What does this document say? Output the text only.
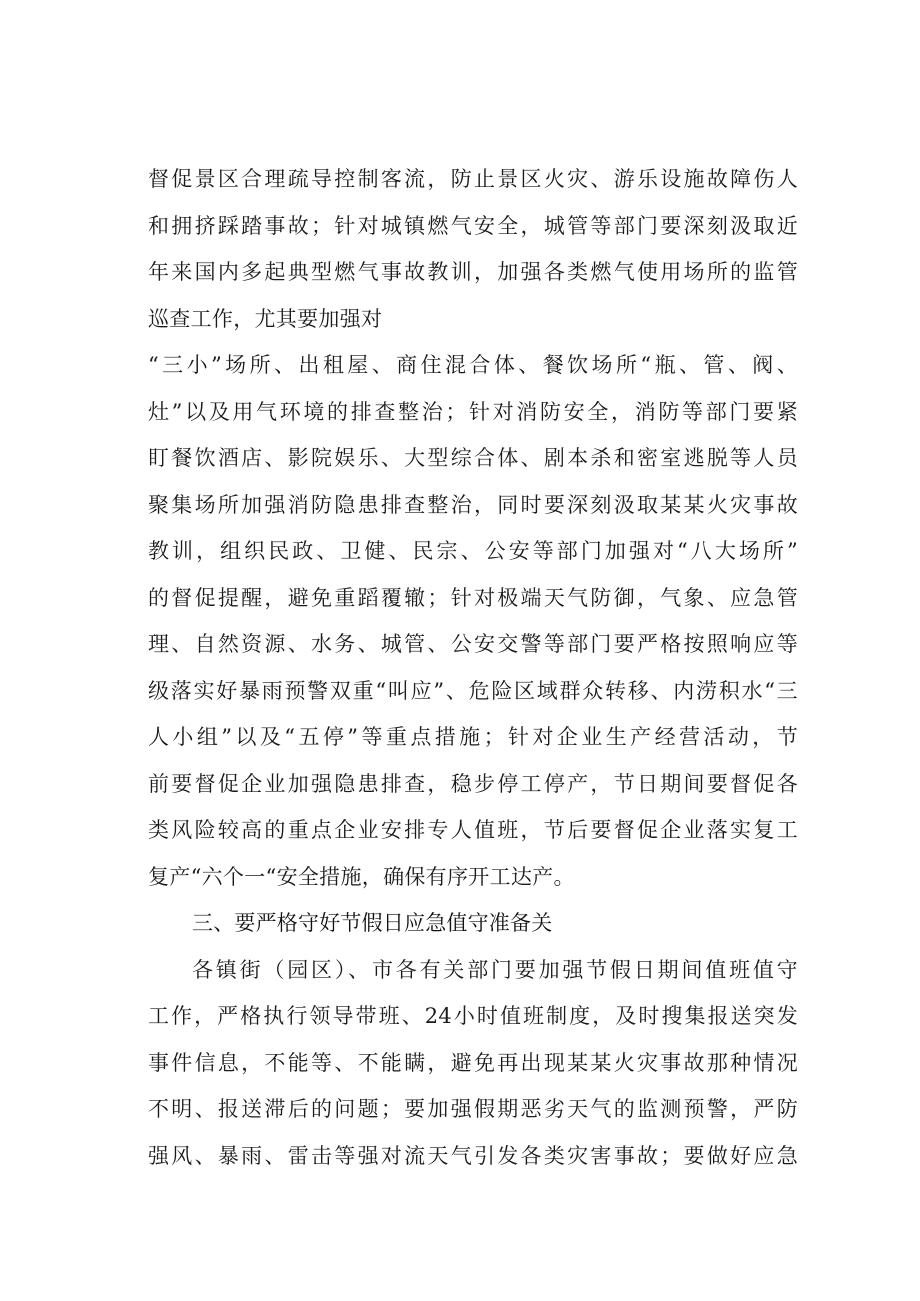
督促景区合理疏导控制客流，防止景区火灾、游乐设施故障伤人
和拥挤踩踏事故；针对城镇燃气安全，城管等部门要深刻汲取近
年来国内多起典型燃气事故教训，加强各类燃气使用场所的监管
巡查工作，尤其要加强对
“三小”场所、出租屋、商住混合体、餐饮场所“瓶、管、阀、
灶”以及用气环境的排查整治；针对消防安全，消防等部门要紧
盯餐饮酒店、影院娱乐、大型综合体、剧本杀和密室逃脱等人员
聚集场所加强消防隐患排查整治，同时要深刻汲取某某火灾事故
教训，组织民政、卫健、民宗、公安等部门加强对“八大场所”
的督促提醒，避免重蹈覆辙；针对极端天气防御，气象、应急管
理、自然资源、水务、城管、公安交警等部门要严格按照响应等
级落实好暴雨预警双重“叫应”、危险区域群众转移、内涝积水“三
人小组”以及“五停”等重点措施；针对企业生产经营活动，节
前要督促企业加强隐患排查，稳步停工停产，节日期间要督促各
类风险较高的重点企业安排专人值班，节后要督促企业落实复工
复产“六个一“安全措施，确保有序开工达产。
三、要严格守好节假日应急值守准备关
各镇街（园区）、市各有关部门要加强节假日期间值班值守
工作，严格执行领导带班、24小时值班制度，及时搜集报送突发
事件信息，不能等、不能瞒，避免再出现某某火灾事故那种情况
不明、报送滞后的问题；要加强假期恶劣天气的监测预警，严防
强风、暴雨、雷击等强对流天气引发各类灾害事故；要做好应急
